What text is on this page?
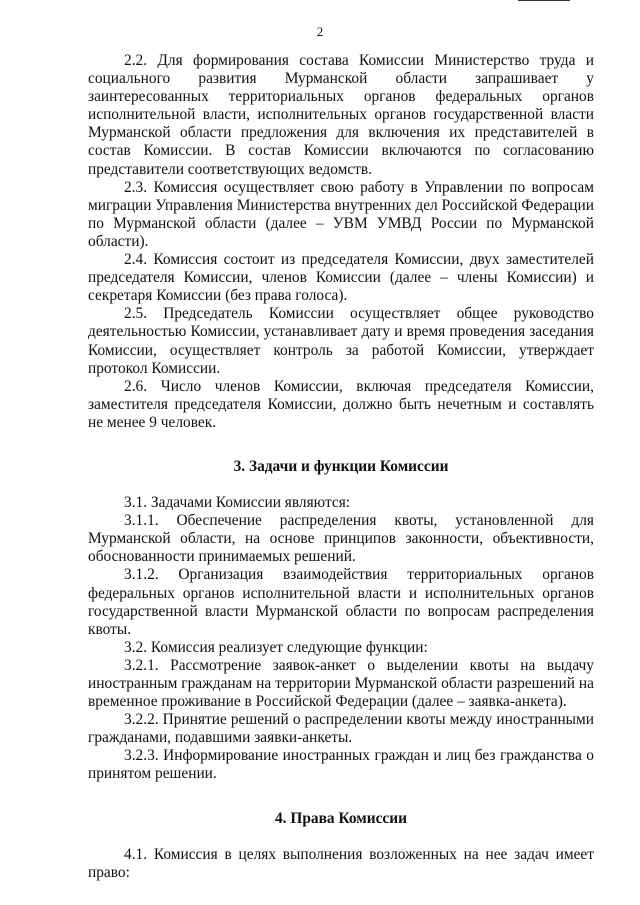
2

2.2. Для формирования состава Комиссии Министерство труда и социального развития Мурманской области запрашивает у заинтересованных территориальных органов федеральных органов исполнительной власти, исполнительных органов государственной власти Мурманской области предложения для включения их представителей в состав Комиссии. В состав Комиссии включаются по согласованию представители соответствующих ведомств.

2.3. Комиссия осуществляет свою работу в Управлении по вопросам миграции Управления Министерства внутренних дел Российской Федерации по Мурманской области (далее – УВМ УМВД России по Мурманской области).

2.4. Комиссия состоит из председателя Комиссии, двух заместителей председателя Комиссии, членов Комиссии (далее – члены Комиссии) и секретаря Комиссии (без права голоса).

2.5. Председатель Комиссии осуществляет общее руководство деятельностью Комиссии, устанавливает дату и время проведения заседания Комиссии, осуществляет контроль за работой Комиссии, утверждает протокол Комиссии.

2.6. Число членов Комиссии, включая председателя Комиссии, заместителя председателя Комиссии, должно быть нечетным и составлять не менее 9 человек.

3. Задачи и функции Комиссии

3.1. Задачами Комиссии являются:

3.1.1. Обеспечение распределения квоты, установленной для Мурманской области, на основе принципов законности, объективности, обоснованности принимаемых решений.

3.1.2. Организация взаимодействия территориальных органов федеральных органов исполнительной власти и исполнительных органов государственной власти Мурманской области по вопросам распределения квоты.

3.2. Комиссия реализует следующие функции:

3.2.1. Рассмотрение заявок-анкет о выделении квоты на выдачу иностранным гражданам на территории Мурманской области разрешений на временное проживание в Российской Федерации (далее – заявка-анкета).

3.2.2. Принятие решений о распределении квоты между иностранными гражданами, подавшими заявки-анкеты.

3.2.3. Информирование иностранных граждан и лиц без гражданства о принятом решении.

4. Права Комиссии

4.1. Комиссия в целях выполнения возложенных на нее задач имеет право:
